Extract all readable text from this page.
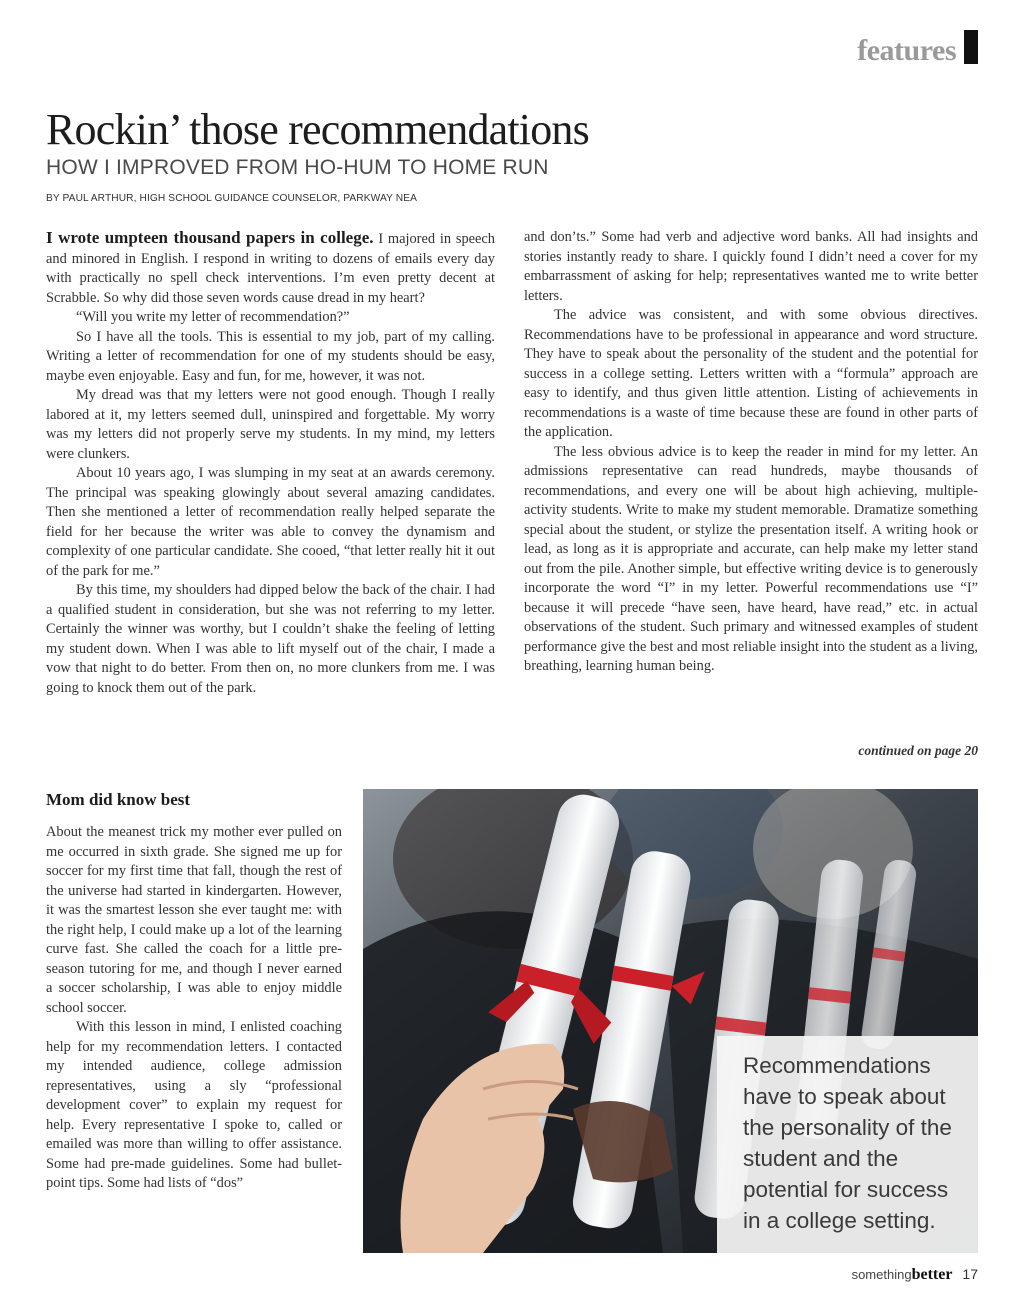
features
Rockin’ those recommendations
HOW I IMPROVED FROM HO-HUM TO HOME RUN
BY PAUL ARTHUR, HIGH SCHOOL GUIDANCE COUNSELOR, PARKWAY NEA

I wrote umpteen thousand papers in college. I majored in speech and minored in English. I respond in writing to dozens of emails every day with practically no spell check interventions. I’m even pretty decent at Scrabble. So why did those seven words cause dread in my heart?

“Will you write my letter of recommendation?”

So I have all the tools. This is essential to my job, part of my calling. Writing a letter of recommendation for one of my students should be easy, maybe even enjoyable. Easy and fun, for me, however, it was not.

My dread was that my letters were not good enough. Though I really labored at it, my letters seemed dull, uninspired and forgettable. My worry was my letters did not properly serve my students. In my mind, my letters were clunkers.

About 10 years ago, I was slumping in my seat at an awards ceremony. The principal was speaking glowingly about several amazing candidates. Then she mentioned a letter of recommendation really helped separate the field for her because the writer was able to convey the dynamism and complexity of one particular candidate. She cooed, “that letter really hit it out of the park for me.”

By this time, my shoulders had dipped below the back of the chair. I had a qualified student in consideration, but she was not referring to my letter. Certainly the winner was worthy, but I couldn’t shake the feeling of letting my student down. When I was able to lift myself out of the chair, I made a vow that night to do better. From then on, no more clunkers from me. I was going to knock them out of the park.

Mom did know best

About the meanest trick my mother ever pulled on me occurred in sixth grade. She signed me up for soccer for my first time that fall, though the rest of the universe had started in kindergarten. However, it was the smartest lesson she ever taught me: with the right help, I could make up a lot of the learning curve fast. She called the coach for a little pre-season tutoring for me, and though I never earned a soccer scholarship, I was able to enjoy middle school soccer.

With this lesson in mind, I enlisted coaching help for my recommendation letters. I contacted my intended audience, college admission representatives, using a sly “professional development cover” to explain my request for help. Every representative I spoke to, called or emailed was more than willing to offer assistance. Some had pre-made guidelines. Some had bullet-point tips. Some had lists of “dos”

and don’ts.” Some had verb and adjective word banks. All had insights and stories instantly ready to share. I quickly found I didn’t need a cover for my embarrassment of asking for help; representatives wanted me to write better letters.

The advice was consistent, and with some obvious directives. Recommendations have to be professional in appearance and word structure. They have to speak about the personality of the student and the potential for success in a college setting. Letters written with a “formula” approach are easy to identify, and thus given little attention. Listing of achievements in recommendations is a waste of time because these are found in other parts of the application.

The less obvious advice is to keep the reader in mind for my letter. An admissions representative can read hundreds, maybe thousands of recommendations, and every one will be about high achieving, multiple-activity students. Write to make my student memorable. Dramatize something special about the student, or stylize the presentation itself. A writing hook or lead, as long as it is appropriate and accurate, can help make my letter stand out from the pile. Another simple, but effective writing device is to generously incorporate the word “I” in my letter. Powerful recommendations use “I” because it will precede “have seen, have heard, have read,” etc. in actual observations of the student. Such primary and witnessed examples of student performance give the best and most reliable insight into the student as a living, breathing, learning human being.

continued on page 20
Recommendations have to speak about the personality of the student and the potential for success in a college setting.
somethingbetter 17
